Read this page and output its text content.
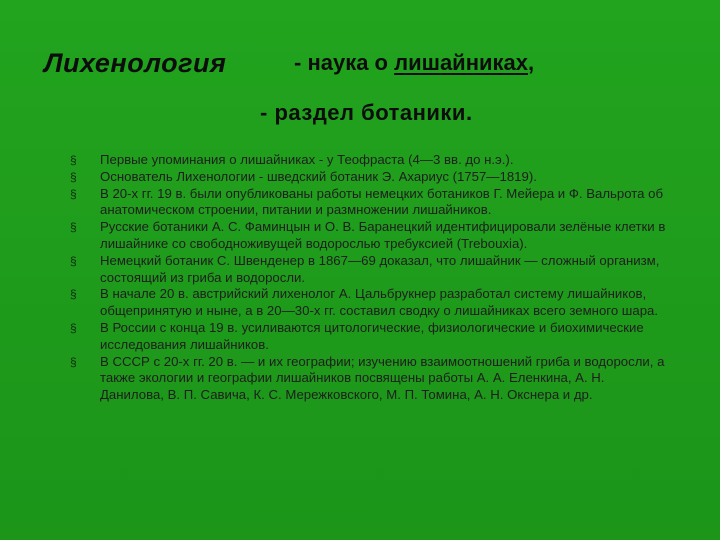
Лихенология	- наука о лишайниках,
- раздел ботаники.
§ Первые упоминания о лишайниках - у Теофраста (4—3 вв. до н.э.).
§ Основатель Лихенологии - шведский ботаник Э. Ахариус (1757—1819).
§ В 20-х гг. 19 в. были опубликованы работы немецких ботаников Г. Мейера и Ф. Вальрота об анатомическом строении, питании и размножении лишайников.
§ Русские ботаники А. С. Фаминцын и О. В. Баранецкий идентифицировали зелёные клетки в лишайнике со свободноживущей водорослью требуксией (Trebouxia).
§ Немецкий ботаник С. Швенденер в 1867—69 доказал, что лишайник — сложный организм, состоящий из гриба и водоросли.
§ В начале 20 в. австрийский лихенолог А. Цальбрукнер разработал систему лишайников, общепринятую и ныне, а в 20—30-х гг. составил сводку о лишайниках всего земного шара.
§ В России с конца 19 в. усиливаются цитологические, физиологические и биохимические исследования лишайников.
§ В СССР с 20-х гг. 20 в. — и их географии; изучению взаимоотношений гриба и водоросли, а также экологии и географии лишайников посвящены работы А. А. Еленкина, А. Н. Данилова, В. П. Савича, К. С. Мережковского, М. П. Томина, А. Н. Окснера и др.
